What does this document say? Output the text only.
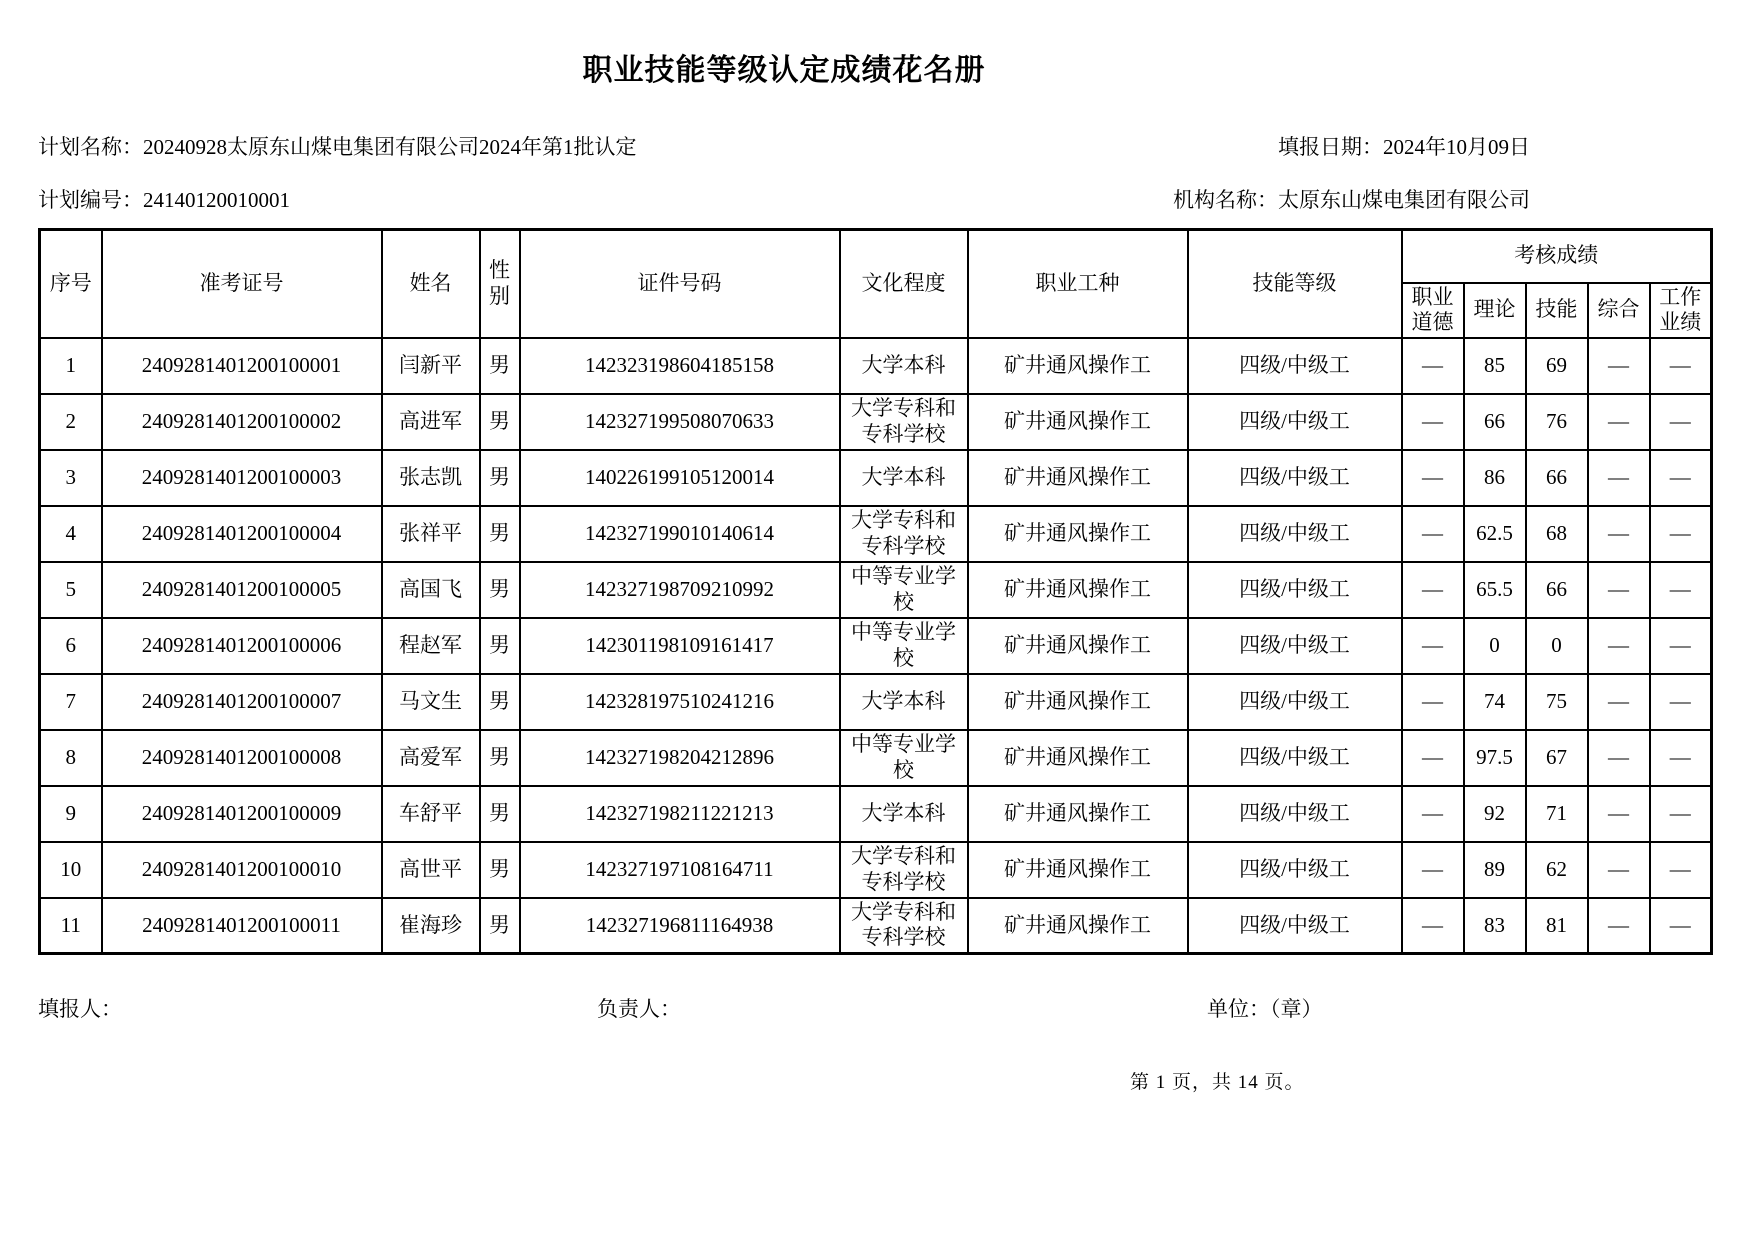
职业技能等级认定成绩花名册
计划名称：20240928太原东山煤电集团有限公司2024年第1批认定	填报日期：2024年10月09日
计划编号：24140120010001	机构名称：太原东山煤电集团有限公司
序号	准考证号	姓名	性别	证件号码	文化程度	职业工种	技能等级	考核成绩				
								职业道德	理论	技能	综合	工作业绩
1	2409281401200100001	闫新平	男	142323198604185158	大学本科	矿井通风操作工	四级/中级工	—	85	69	—	—
2	2409281401200100002	高进军	男	142327199508070633	大学专科和专科学校	矿井通风操作工	四级/中级工	—	66	76	—	—
3	2409281401200100003	张志凯	男	140226199105120014	大学本科	矿井通风操作工	四级/中级工	—	86	66	—	—
4	2409281401200100004	张祥平	男	142327199010140614	大学专科和专科学校	矿井通风操作工	四级/中级工	—	62.5	68	—	—
5	2409281401200100005	高国飞	男	142327198709210992	中等专业学校	矿井通风操作工	四级/中级工	—	65.5	66	—	—
6	2409281401200100006	程赵军	男	142301198109161417	中等专业学校	矿井通风操作工	四级/中级工	—	0	0	—	—
7	2409281401200100007	马文生	男	142328197510241216	大学本科	矿井通风操作工	四级/中级工	—	74	75	—	—
8	2409281401200100008	高爱军	男	142327198204212896	中等专业学校	矿井通风操作工	四级/中级工	—	97.5	67	—	—
9	2409281401200100009	车舒平	男	142327198211221213	大学本科	矿井通风操作工	四级/中级工	—	92	71	—	—
10	2409281401200100010	高世平	男	142327197108164711	大学专科和专科学校	矿井通风操作工	四级/中级工	—	89	62	—	—
11	2409281401200100011	崔海珍	男	142327196811164938	大学专科和专科学校	矿井通风操作工	四级/中级工	—	83	81	—	—
填报人：	负责人：	单位：（章）
第 1 页，共 14 页。
